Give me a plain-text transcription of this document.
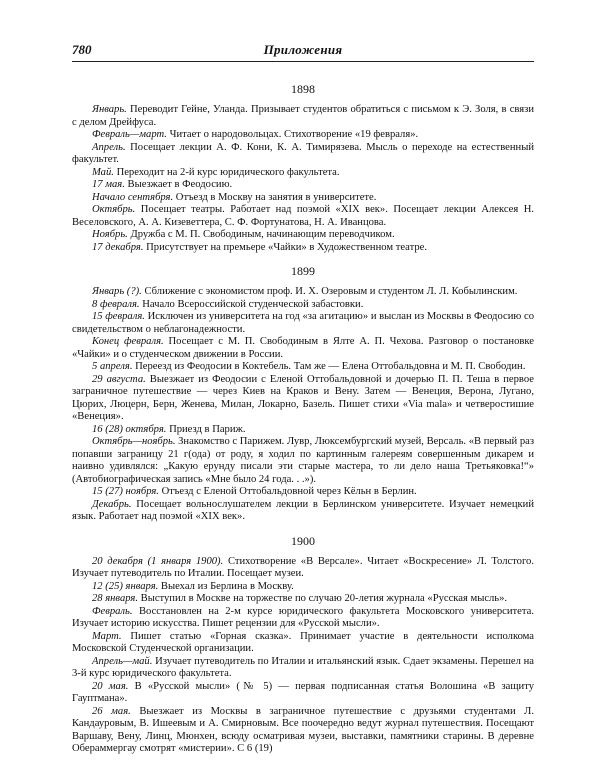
780	Приложения
1898

Январь. Переводит Гейне, Уланда. Призывает студентов обратиться с письмом к Э. Золя, в связи с делом Дрейфуса.

Февраль—март. Читает о народовольцах. Стихотворение «19 февраля».

Апрель. Посещает лекции А. Ф. Кони, К. А. Тимирязева. Мысль о переходе на естественный факультет.

Май. Переходит на 2-й курс юридического факультета.

17 мая. Выезжает в Феодосию.

Начало сентября. Отъезд в Москву на занятия в университете.

Октябрь. Посещает театры. Работает над поэмой «XIX век». Посещает лекции Алексея Н. Веселовского, А. А. Кизеветтера, С. Ф. Фортунатова, Н. А. Иванцова.

Ноябрь. Дружба с М. П. Свободиным, начинающим переводчиком.

17 декабря. Присутствует на премьере «Чайки» в Художественном театре.

1899

Январь (?). Сближение с экономистом проф. И. Х. Озеровым и студентом Л. Л. Кобылинским.

8 февраля. Начало Всероссийской студенческой забастовки.

15 февраля. Исключен из университета на год «за агитацию» и выслан из Москвы в Феодосию со свидетельством о неблагонадежности.

Конец февраля. Посещает с М. П. Свободиным в Ялте А. П. Чехова. Разговор о постановке «Чайки» и о студенческом движении в России.

5 апреля. Переезд из Феодосии в Коктебель. Там же — Елена Оттобальдовна и М. П. Свободин.

29 августа. Выезжает из Феодосии с Еленой Оттобальдовной и дочерью П. П. Теша в первое заграничное путешествие — через Киев на Краков и Вену. Затем — Венеция, Верона, Лугано, Цюрих, Люцерн, Берн, Женева, Милан, Локарно, Базель. Пишет стихи «Via mala» и четверостишие «Венеция».

16 (28) октября. Приезд в Париж.

Октябрь—ноябрь. Знакомство с Парижем. Лувр, Люксембургский музей, Версаль. «В первый раз попавши заграницу 21 г(ода) от роду, я ходил по картинным галереям совершенным дикарем и наивно удивлялся: „Какую ерунду писали эти старые мастера, то ли дело наша Третьяковка!“» (Автобиографическая запись «Мне было 24 года. . .»).

15 (27) ноября. Отъезд с Еленой Оттобальдовной через Кёльн в Берлин.

Декабрь. Посещает вольнослушателем лекции в Берлинском университете. Изучает немецкий язык. Работает над поэмой «XIX век».

1900

20 декабря (1 января 1900). Стихотворение «В Версале». Читает «Воскресение» Л. Толстого. Изучает путеводитель по Италии. Посещает музеи.

12 (25) января. Выехал из Берлина в Москву.

28 января. Выступил в Москве на торжестве по случаю 20-летия журнала «Русская мысль».

Февраль. Восстановлен на 2-м курсе юридического факультета Московского университета. Изучает историю искусства. Пишет рецензии для «Русской мысли».

Март. Пишет статью «Горная сказка». Принимает участие в деятельности исполкома Московской Студенческой организации.

Апрель—май. Изучает путеводитель по Италии и итальянский язык. Сдает экзамены. Перешел на 3-й курс юридического факультета.

20 мая. В «Русской мысли» (№ 5) — первая подписанная статья Волошина «В защиту Гауптмана».

26 мая. Выезжает из Москвы в заграничное путешествие с друзьями студентами Л. Кандауровым, В. Ишеевым и А. Смирновым. Все поочередно ведут журнал путешествия. Посещают Варшаву, Вену, Линц, Мюнхен, всюду осматривая музеи, выставки, памятники старины. В деревне Обераммергау смотрят «мистерии». С 6 (19)
